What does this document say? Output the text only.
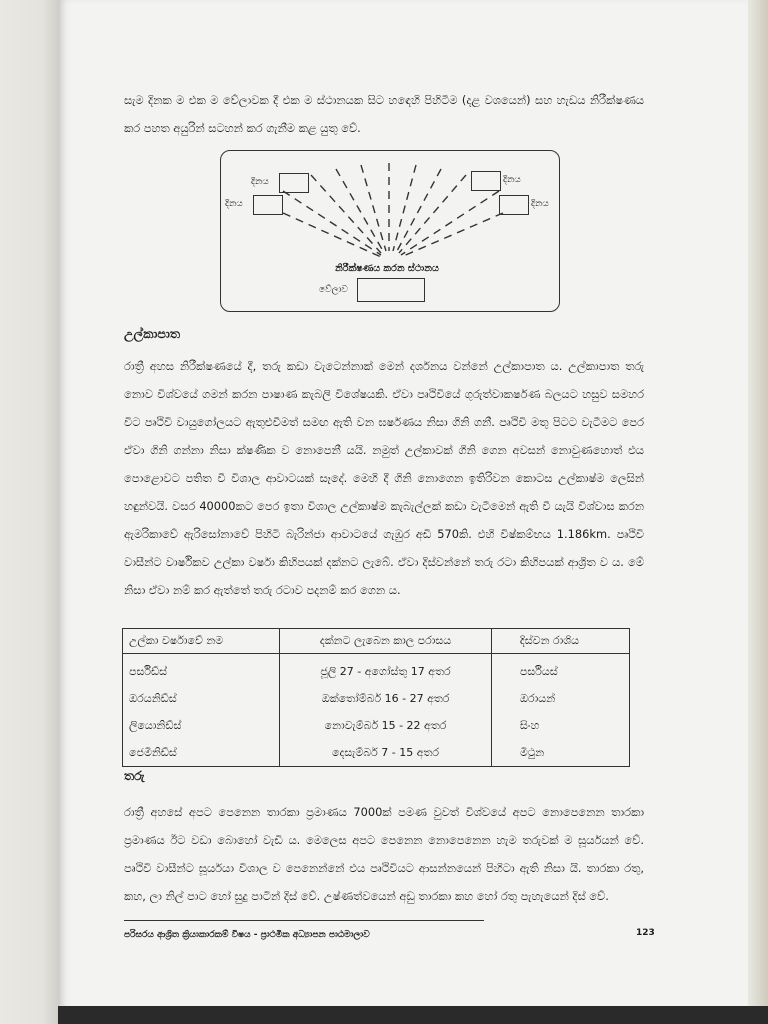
සැම දිනක ම එක ම වේලාවක දී එක ම ස්ථානයක සිට හඳෙහි පිහිටීම (දළ වශයෙන්) සහ හැඩය නිරීක්ෂණය කර පහත අයුරින් සටහන් කර ගැනීම කළ යුතු වේ.
දිනය
දිනය
දිනය
දිනය
නිරීක්ෂණය කරන ස්ථානය
වේලාව
උල්කාපාත
රාත්‍රී අහස නිරීක්ෂණයේ දී, තරු කඩා වැටෙන්නාක් මෙන් දර්ශනය වන්නේ උල්කාපාත ය. උල්කාපාත තරු නොව විශ්වයේ ගමන් කරන පාෂාණ කැබලි විශේෂයකි. ඒවා පෘථිවියේ ගුරුත්වාකර්ෂණ බලයට හසුව සමහර විට පෘථිවි වායුගෝලයට ඇතුළුවීමත් සමඟ ඇති වන ඝර්ෂණය නිසා ගිනි ගනී. පෘථිවි මතු පිටට වැටීමට පෙර ඒවා ගිනි ගන්නා නිසා ක්ෂණික ව නොපෙනී යයි. නමුත් උල්කාවක් ගිනි ගෙන අවසන් නොවුණහොත් එය පොළොවට පතිත වී විශාල ආවාටයක් සෑදේ. මෙහි දී ගිනි නොගෙන ඉතිරිවන කොටස උල්කාෂ්ම ලෙසින් හඳුන්වයි. වසර 40000කට පෙර ඉතා විශාල උල්කාෂ්ම කැබැල්ලක් කඩා වැටීමෙන් ඇති වී යැයි විශ්වාස කරන ඇමරිකාවේ ඇරිසෝනාවේ පිහිටි බැරින්ජා ආවාටයේ ගැඹුර අඩි 570කි. එහි විෂ්කම්භය 1.186km. පෘථිවි වාසීන්ට වාර්ෂිකව උල්කා වර්ෂා කිහිපයක් දක්නට ලැබේ. ඒවා දිස්වන්නේ තරු රටා කිහිපයක් ආශ්‍රිත ව ය. මේ නිසා ඒවා නම් කර ඇත්තේ තරු රටාව පදනම් කර ගෙන ය.
උල්කා වර්ෂාවේ නම	දක්නට ලැබෙන කාල පරාසය	දිස්වන රාශිය
පර්සිඩ්ස්	ජූලි 27 - අගෝස්තු 17 අතර	පර්සියස්
ඔරයනිඩ්ස්	ඔක්තෝම්බර් 16 - 27 අතර	ඔරායන්
ලියොනිඩ්ස්	නොවැම්බර් 15 - 22 අතර	සිංහ
ජෙමිනිඩ්ස්	දෙසැම්බර් 7 - 15 අතර	මිථුන
තරු
රාත්‍රී අහසේ අපට පෙනෙන තාරකා ප්‍රමාණය 7000ක් පමණ වුවත් විශ්වයේ අපට නොපෙනෙන තාරකා ප්‍රමාණය ඊට වඩා බොහෝ වැඩි ය. මෙලෙස අපට පෙනෙන නොපෙනෙන හැම තරුවක් ම සූර්යයන් වේ. පෘථිවි වාසීන්ට සූර්යයා විශාල ව පෙනෙන්නේ එය පෘථිවියට ආසන්නයෙන් පිහිටා ඇති නිසා යි. තාරකා රතු, කහ, ලා නිල් පාට හෝ සුදු පාටින් දිස් වේ. උෂ්ණත්වයෙන් අඩු තාරකා කහ හෝ රතු පැහැයෙන් දිස් වේ.
පරිසරය ආශ්‍රිත ක්‍රියාකාරකම් විෂය - ප්‍රාථමික අධ්‍යාපන පාඨමාලාව	123
